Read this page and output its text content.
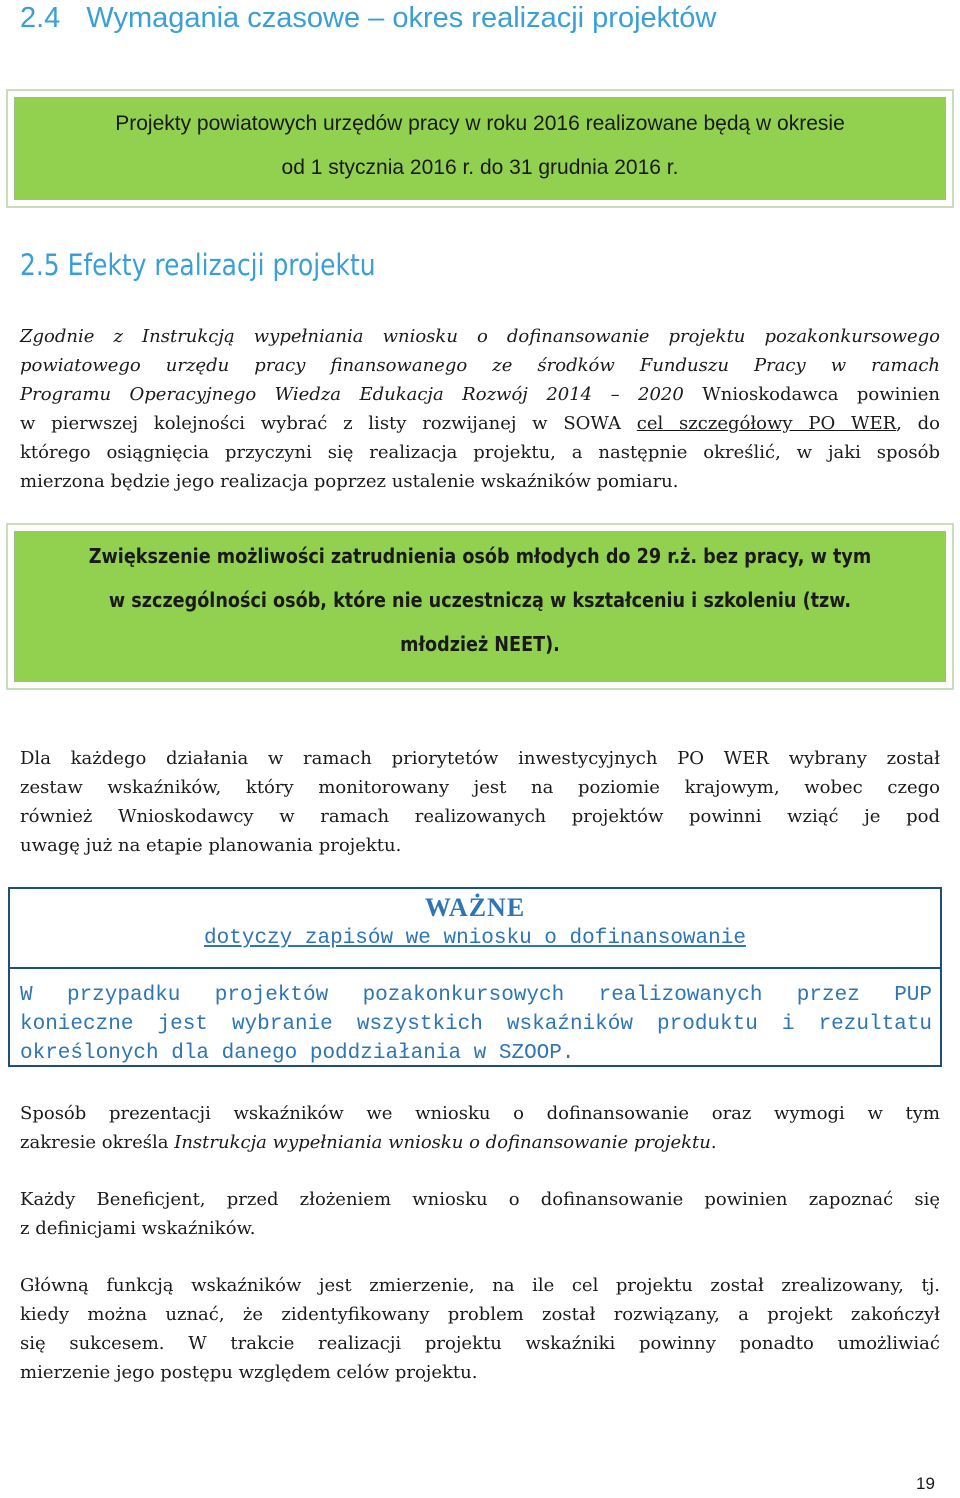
2.4 Wymagania czasowe – okres realizacji projektów
Projekty powiatowych urzędów pracy w roku 2016 realizowane będą w okresie
od 1 stycznia 2016 r. do 31 grudnia 2016 r.
2.5 Efekty realizacji projektu
Zgodnie z Instrukcją wypełniania wniosku o dofinansowanie projektu pozakonkursowego
powiatowego urzędu pracy finansowanego ze środków Funduszu Pracy w ramach
Programu Operacyjnego Wiedza Edukacja Rozwój 2014 – 2020 Wnioskodawca powinien
w pierwszej kolejności wybrać z listy rozwijanej w SOWA cel szczegółowy PO WER, do
którego osiągnięcia przyczyni się realizacja projektu, a następnie określić, w jaki sposób
mierzona będzie jego realizacja poprzez ustalenie wskaźników pomiaru.
Zwiększenie możliwości zatrudnienia osób młodych do 29 r.ż. bez pracy, w tym
w szczególności osób, które nie uczestniczą w kształceniu i szkoleniu (tzw.
młodzież NEET).
Dla każdego działania w ramach priorytetów inwestycyjnych PO WER wybrany został
zestaw wskaźników, który monitorowany jest na poziomie krajowym, wobec czego
również Wnioskodawcy w ramach realizowanych projektów powinni wziąć je pod
uwagę już na etapie planowania projektu.
WAŻNE
dotyczy zapisów we wniosku o dofinansowanie
W przypadku projektów pozakonkursowych realizowanych przez PUP
konieczne jest wybranie wszystkich wskaźników produktu i rezultatu
określonych dla danego poddziałania w SZOOP.
Sposób prezentacji wskaźników we wniosku o dofinansowanie oraz wymogi w tym
zakresie określa Instrukcja wypełniania wniosku o dofinansowanie projektu.
Każdy Beneficjent, przed złożeniem wniosku o dofinansowanie powinien zapoznać się
z definicjami wskaźników.
Główną funkcją wskaźników jest zmierzenie, na ile cel projektu został zrealizowany, tj.
kiedy można uznać, że zidentyfikowany problem został rozwiązany, a projekt zakończył
się sukcesem. W trakcie realizacji projektu wskaźniki powinny ponadto umożliwiać
mierzenie jego postępu względem celów projektu.
19
